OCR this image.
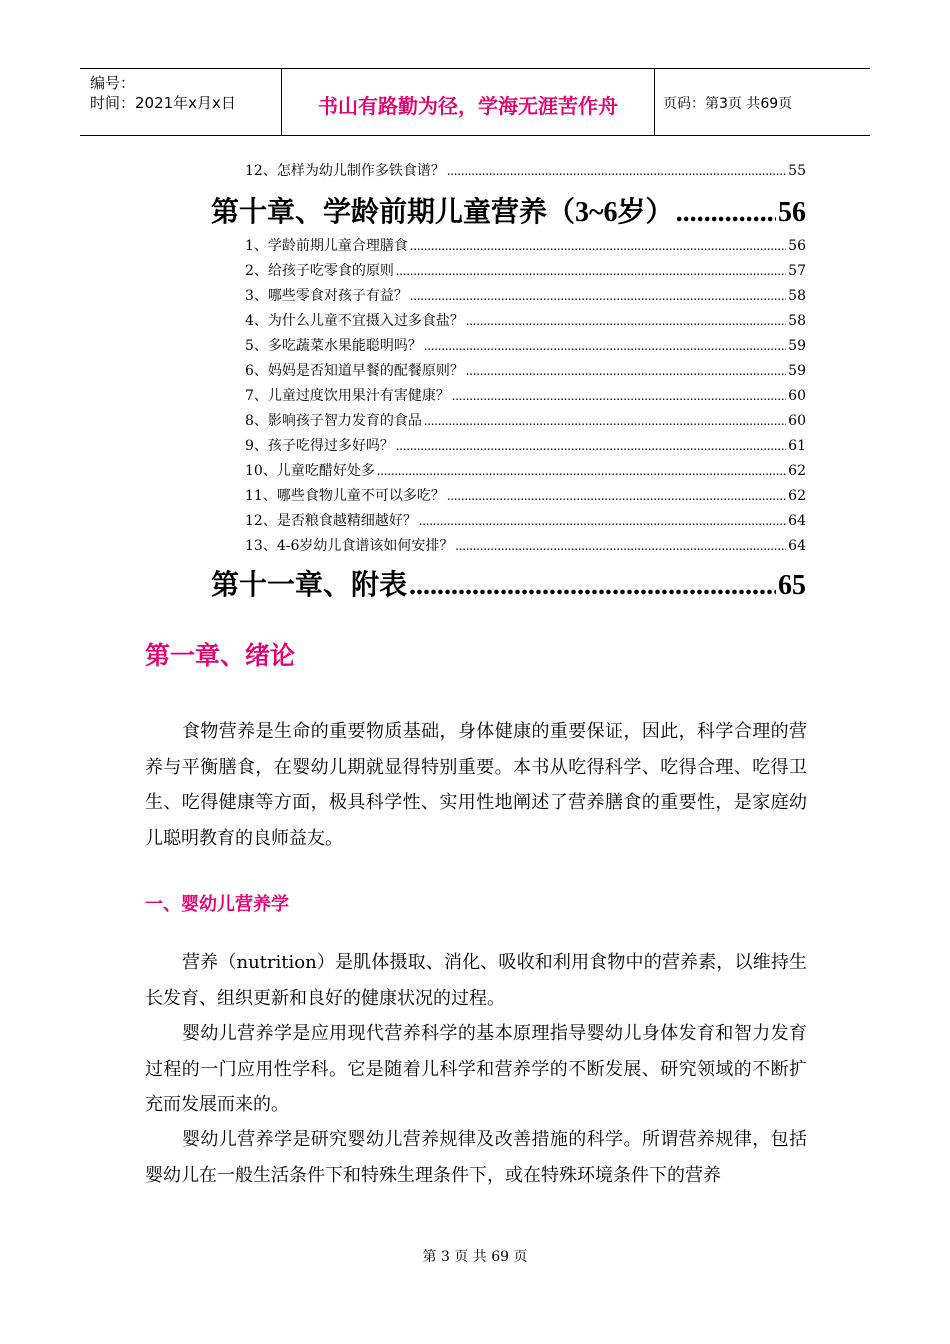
编号：
时间：2021年x月x日	书山有路勤为径，学海无涯苦作舟	页码：第3页 共69页
12、怎样为幼儿制作多铁食谱？ .....	55
第十章、学龄前期儿童营养（3~6岁） .....	56
1、学龄前期儿童合理膳食 .....	56
2、给孩子吃零食的原则 .....	57
3、哪些零食对孩子有益？ .....	58
4、为什么儿童不宜摄入过多食盐？ .....	58
5、多吃蔬菜水果能聪明吗？ .....	59
6、妈妈是否知道早餐的配餐原则？ .....	59
7、儿童过度饮用果汁有害健康？ .....	60
8、影响孩子智力发育的食品 .....	60
9、孩子吃得过多好吗？ .....	61
10、儿童吃醋好处多 .....	62
11、哪些食物儿童不可以多吃？ .....	62
12、是否粮食越精细越好？ .....	64
13、4-6岁幼儿食谱该如何安排？ .....	64
第十一章、附表 .....	65
第一章、绪论
食物营养是生命的重要物质基础，身体健康的重要保证，因此，科学合理的营养与平衡膳食，在婴幼儿期就显得特别重要。本书从吃得科学、吃得合理、吃得卫生、吃得健康等方面，极具科学性、实用性地阐述了营养膳食的重要性，是家庭幼儿聪明教育的良师益友。
一、婴幼儿营养学
营养（nutrition）是肌体摄取、消化、吸收和利用食物中的营养素，以维持生长发育、组织更新和良好的健康状况的过程。
婴幼儿营养学是应用现代营养科学的基本原理指导婴幼儿身体发育和智力发育过程的一门应用性学科。它是随着儿科学和营养学的不断发展、研究领域的不断扩充而发展而来的。
婴幼儿营养学是研究婴幼儿营养规律及改善措施的科学。所谓营养规律，包括婴幼儿在一般生活条件下和特殊生理条件下，或在特殊环境条件下的营养
第 3 页 共 69 页
